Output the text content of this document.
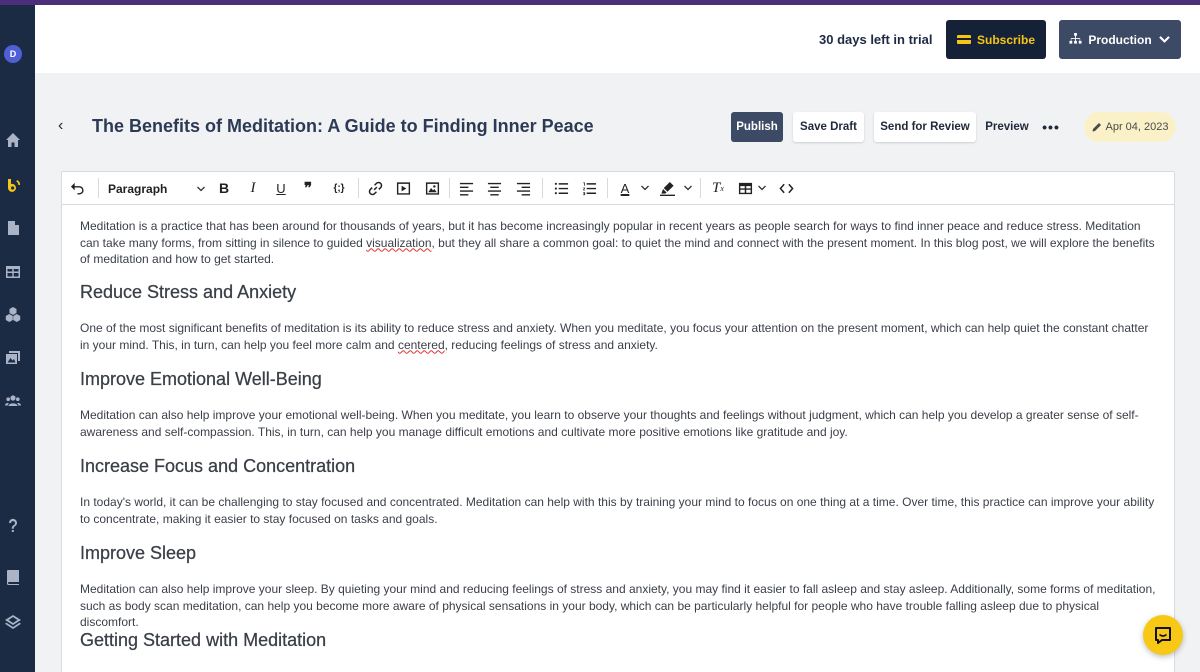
D
30 days left in trial	Subscribe	Production
‹ The Benefits of Meditation: A Guide to Finding Inner Peace	Publish	Save Draft	Send for Review	Preview •••	Apr 04, 2023
Paragraph	B	I	U ❞	{;}	A	T x

Meditation is a practice that has been around for thousands of years, but it has become increasingly popular in recent years as people search for ways to find inner peace and reduce stress. Meditation can take many forms, from sitting in silence to guided visualization, but they all share a common goal: to quiet the mind and connect with the present moment. In this blog post, we will explore the benefits of meditation and how to get started.

Reduce Stress and Anxiety

One of the most significant benefits of meditation is its ability to reduce stress and anxiety. When you meditate, you focus your attention on the present moment, which can help quiet the constant chatter in your mind. This, in turn, can help you feel more calm and centered, reducing feelings of stress and anxiety.

Improve Emotional Well-Being

Meditation can also help improve your emotional well-being. When you meditate, you learn to observe your thoughts and feelings without judgment, which can help you develop a greater sense of self-awareness and self-compassion. This, in turn, can help you manage difficult emotions and cultivate more positive emotions like gratitude and joy.

Increase Focus and Concentration

In today's world, it can be challenging to stay focused and concentrated. Meditation can help with this by training your mind to focus on one thing at a time. Over time, this practice can improve your ability to concentrate, making it easier to stay focused on tasks and goals.

Improve Sleep

Meditation can also help improve your sleep. By quieting your mind and reducing feelings of stress and anxiety, you may find it easier to fall asleep and stay asleep. Additionally, some forms of meditation, such as body scan meditation, can help you become more aware of physical sensations in your body, which can be particularly helpful for people who have trouble falling asleep due to physical discomfort.

Getting Started with Meditation
